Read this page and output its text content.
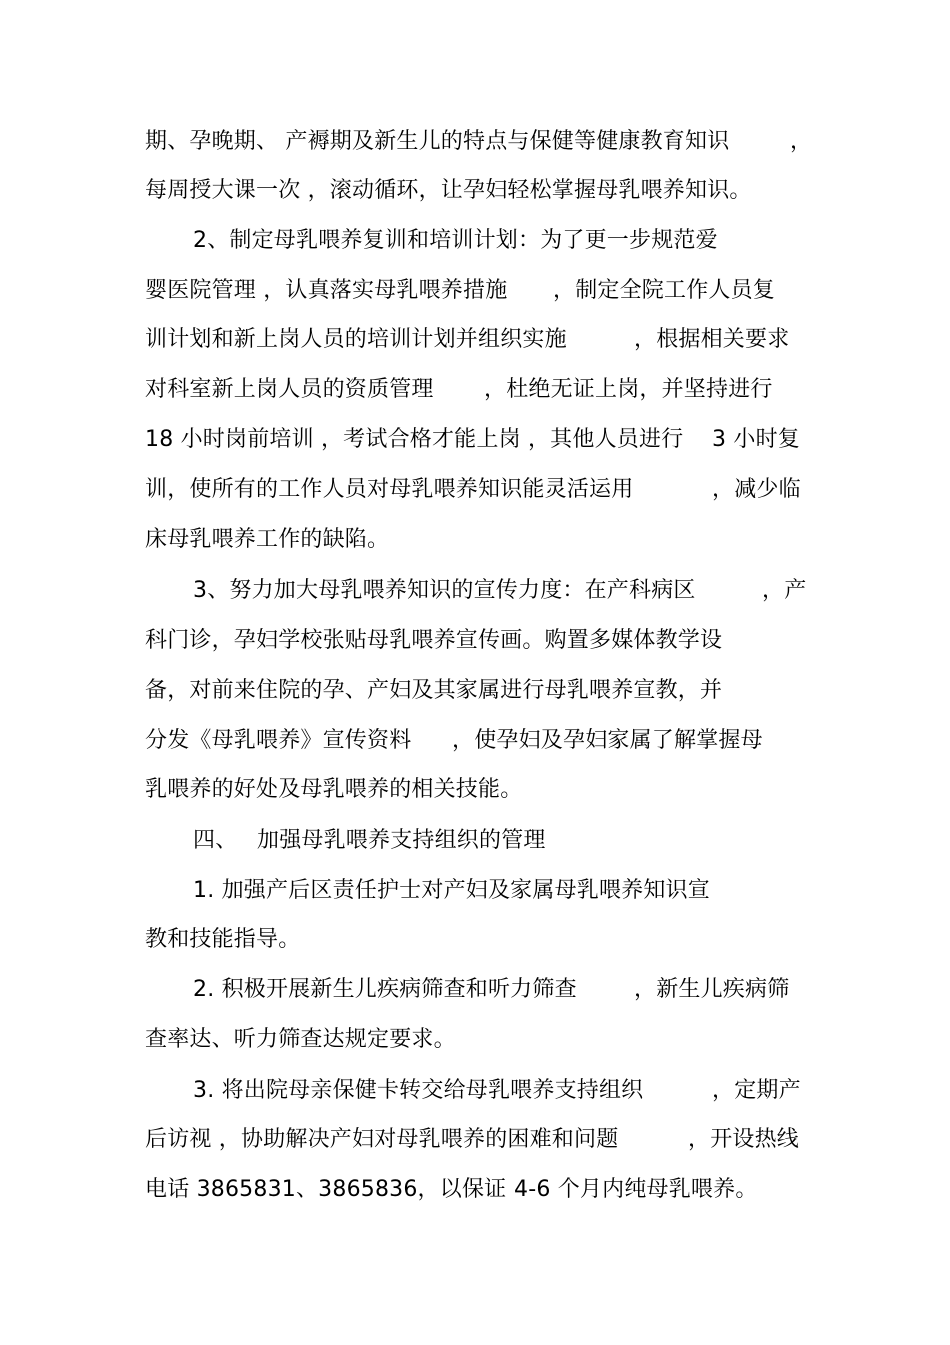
期、孕晚期、 产褥期及新生儿的特点与保健等健康教育知识

	，

每周授大课一次 ，滚动循环，让孕妇轻松掌握母乳喂养知识。

2、制定母乳喂养复训和培训计划：为了更一步规范爱

婴医院管理 ，认真落实母乳喂养措施

，制定全院工作人员复

训计划和新上岗人员的培训计划并组织实施

	，根据相关要求

对科室新上岗人员的资质管理

，杜绝无证上岗，并坚持进行

18 小时岗前培训 ，考试合格才能上岗 ，其他人员进行

3 小时复

训，使所有的工作人员对母乳喂养知识能灵活运用

	，减少临

床母乳喂养工作的缺陷。

3、努力加大母乳喂养知识的宣传力度：在产科病区

	，产

科门诊，孕妇学校张贴母乳喂养宣传画。购置多媒体教学设

备，对前来住院的孕、产妇及其家属进行母乳喂养宣教，并

分发《母乳喂养》宣传资料

，使孕妇及孕妇家属了解掌握母

乳喂养的好处及母乳喂养的相关技能。

四、

加强母乳喂养支持组织的管理

1. 加强产后区责任护士对产妇及家属母乳喂养知识宣

教和技能指导。

2. 积极开展新生儿疾病筛查和听力筛查

	，新生儿疾病筛

查率达、听力筛查达规定要求。

3. 将出院母亲保健卡转交给母乳喂养支持组织

	，定期产

后访视 ，协助解决产妇对母乳喂养的困难和问题

	，开设热线

电话 3865831、3865836，以保证

4-6 个月内纯母乳喂养。
